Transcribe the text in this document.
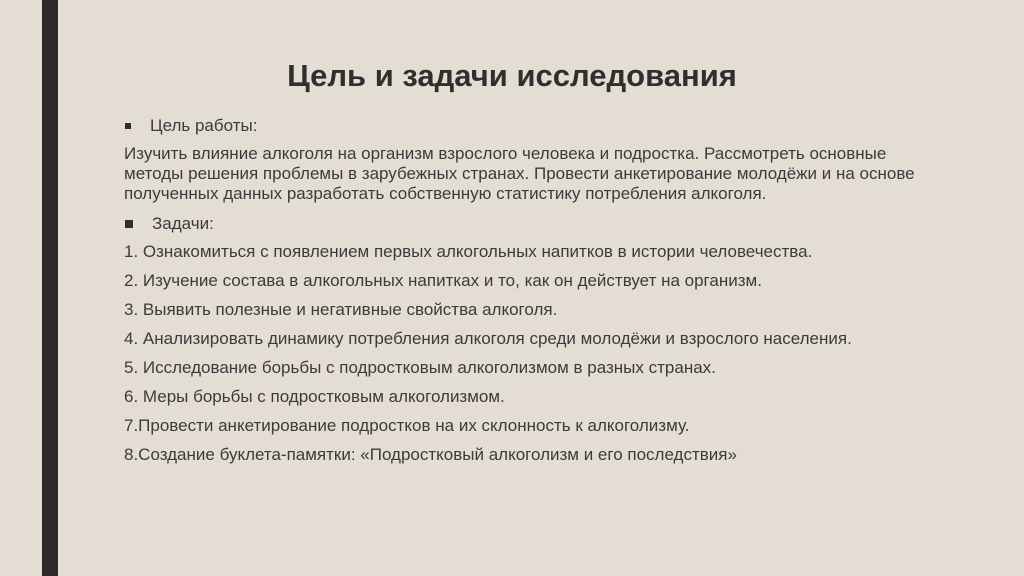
Цель и задачи исследования
Цель работы:

Изучить влияние алкоголя на организм взрослого человека и подростка. Рассмотреть основные методы решения проблемы в зарубежных странах. Провести анкетирование молодёжи и на основе полученных данных разработать собственную статистику потребления алкоголя.

Задачи:

1. Ознакомиться с появлением первых алкогольных напитков в истории человечества.

2. Изучение состава в алкогольных напитках и то, как он действует на организм.

3. Выявить полезные и негативные свойства алкоголя.

4. Анализировать динамику потребления алкоголя среди молодёжи и взрослого населения.

5. Исследование борьбы с подростковым алкоголизмом в разных странах.

6. Меры борьбы с подростковым алкоголизмом.

7.Провести анкетирование подростков на их склонность к алкоголизму.

8.Создание буклета-памятки: «Подростковый алкоголизм и его последствия»
